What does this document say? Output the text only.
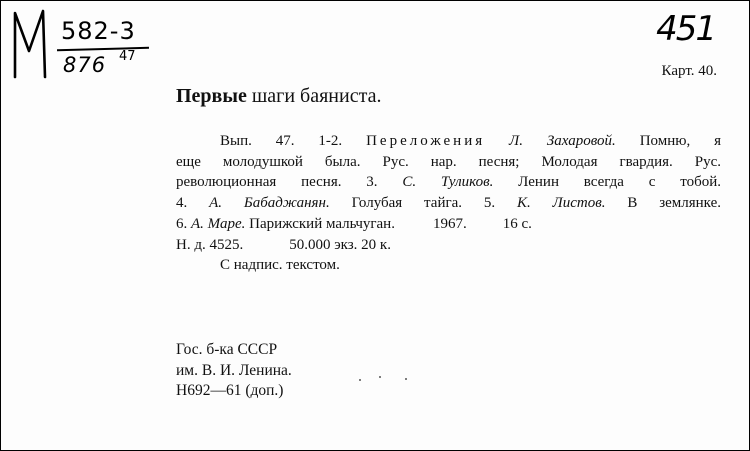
582-3
876 47
451
Карт. 40.
Первые шаги баяниста.
Вып. 47. 1-2. Переложения Л. Захаровой. Помню, я
еще молодушкой была. Рус. нар. песня; Молодая гвардия. Рус.
революционная песня. 3. С. Туликов. Ленин всегда с тобой.
4. А. Бабаджанян. Голубая тайга. 5. К. Листов. В землянке.
6. А. Маре. Парижский мальчуган.	1967. 16 с.
Н. д. 4525.	50.000 экз. 20 к.
С надпис. текстом.
Гос. б-ка СССР
им. В. И. Ленина.
Н692—61 (доп.)
